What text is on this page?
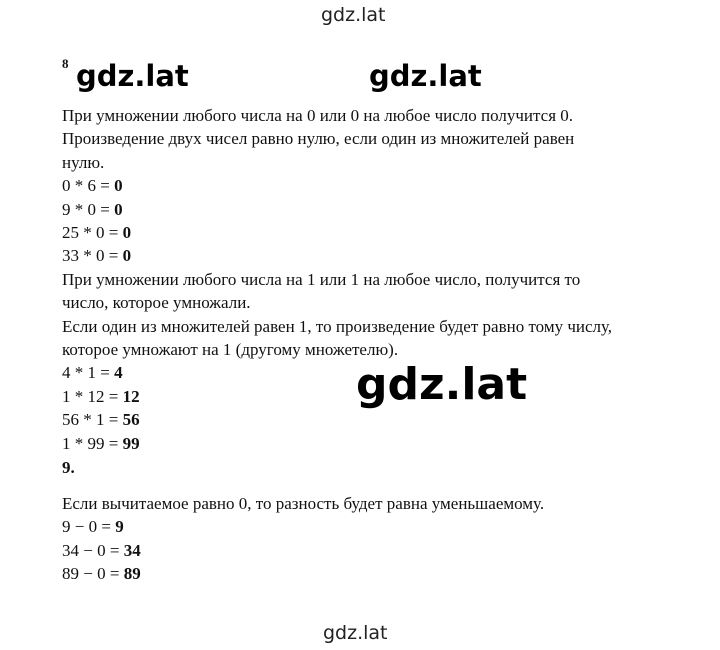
gdz.lat
8 gdz.lat	gdz.lat
При умножении любого числа на 0 или 0 на любое число получится 0.
Произведение двух чисел равно нулю, если один из множителей равен
нулю.
0 * 6 = 0
9 * 0 = 0
25 * 0 = 0
33 * 0 = 0
При умножении любого числа на 1 или 1 на любое число, получится то
число, которое умножали.
Если один из множителей равен 1, то произведение будет равно тому числу,
которое умножают на 1 (другому множетелю).
4 * 1 = 4
1 * 12 = 12
56 * 1 = 56
1 * 99 = 99
gdz.lat
9.
Если вычитаемое равно 0, то разность будет равна уменьшаемому.
9 − 0 = 9
34 − 0 = 34
89 − 0 = 89
gdz.lat
